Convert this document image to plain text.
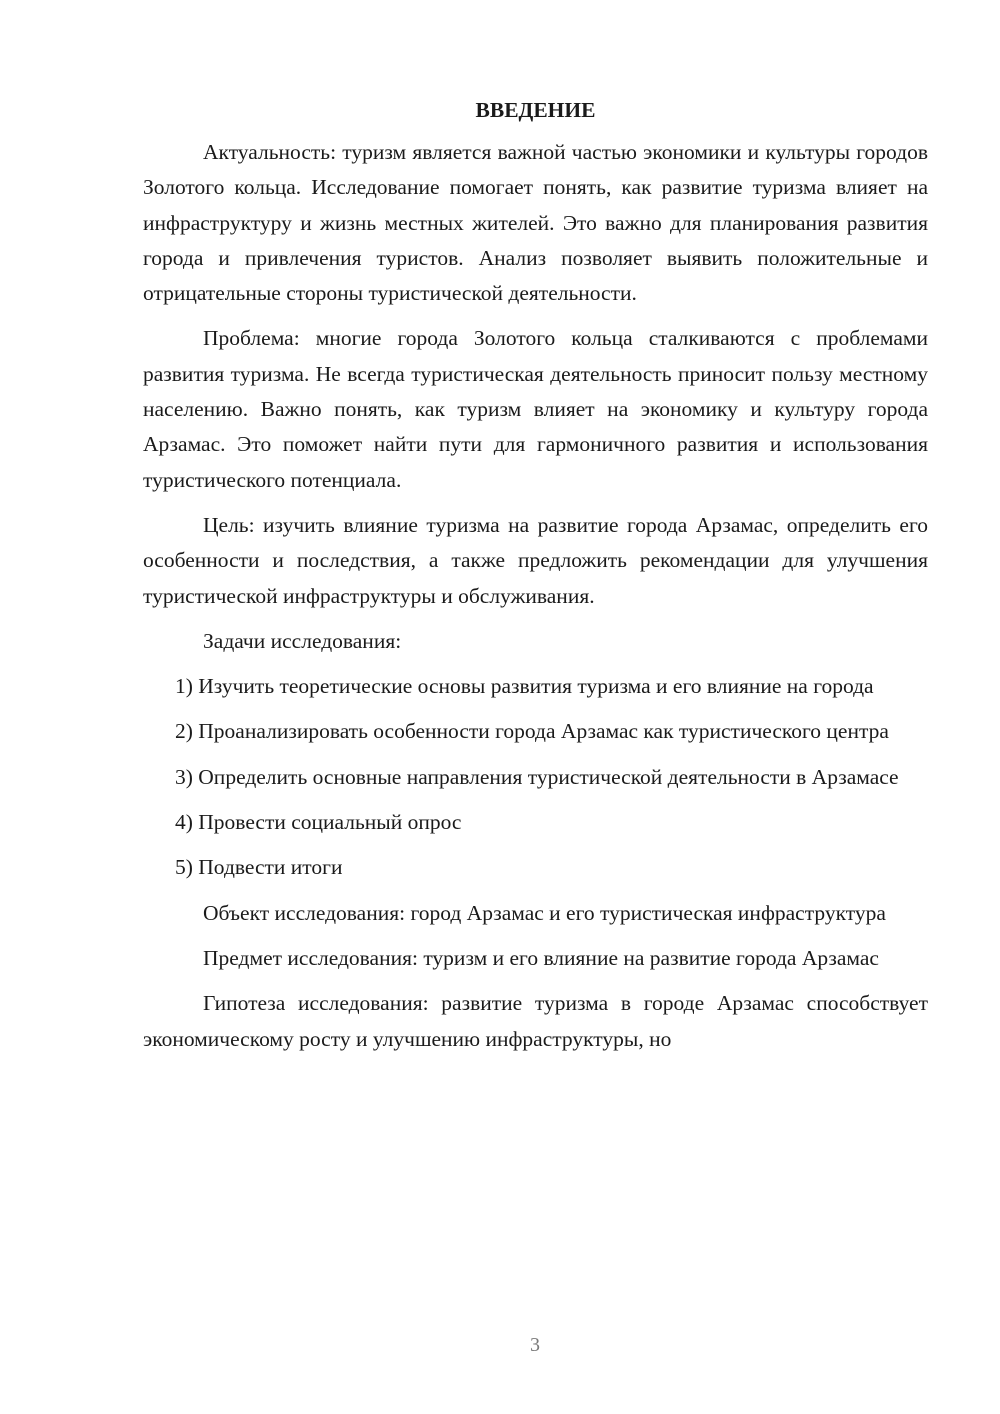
ВВЕДЕНИЕ

Актуальность: туризм является важной частью экономики и культуры городов Золотого кольца. Исследование помогает понять, как развитие туризма влияет на инфраструктуру и жизнь местных жителей. Это важно для планирования развития города и привлечения туристов. Анализ позволяет выявить положительные и отрицательные стороны туристической деятельности.

Проблема: многие города Золотого кольца сталкиваются с проблемами развития туризма. Не всегда туристическая деятельность приносит пользу местному населению. Важно понять, как туризм влияет на экономику и культуру города Арзамас. Это поможет найти пути для гармоничного развития и использования туристического потенциала.

Цель: изучить влияние туризма на развитие города Арзамас, определить его особенности и последствия, а также предложить рекомендации для улучшения туристической инфраструктуры и обслуживания.

Задачи исследования:

1) Изучить теоретические основы развития туризма и его влияние на города

2) Проанализировать особенности города Арзамас как туристического центра

3) Определить основные направления туристической деятельности в Арзамасе

4) Провести социальный опрос

5) Подвести итоги

Объект исследования: город Арзамас и его туристическая инфраструктура

Предмет исследования: туризм и его влияние на развитие города Арзамас

Гипотеза исследования: развитие туризма в городе Арзамас способствует экономическому росту и улучшению инфраструктуры, но

3
